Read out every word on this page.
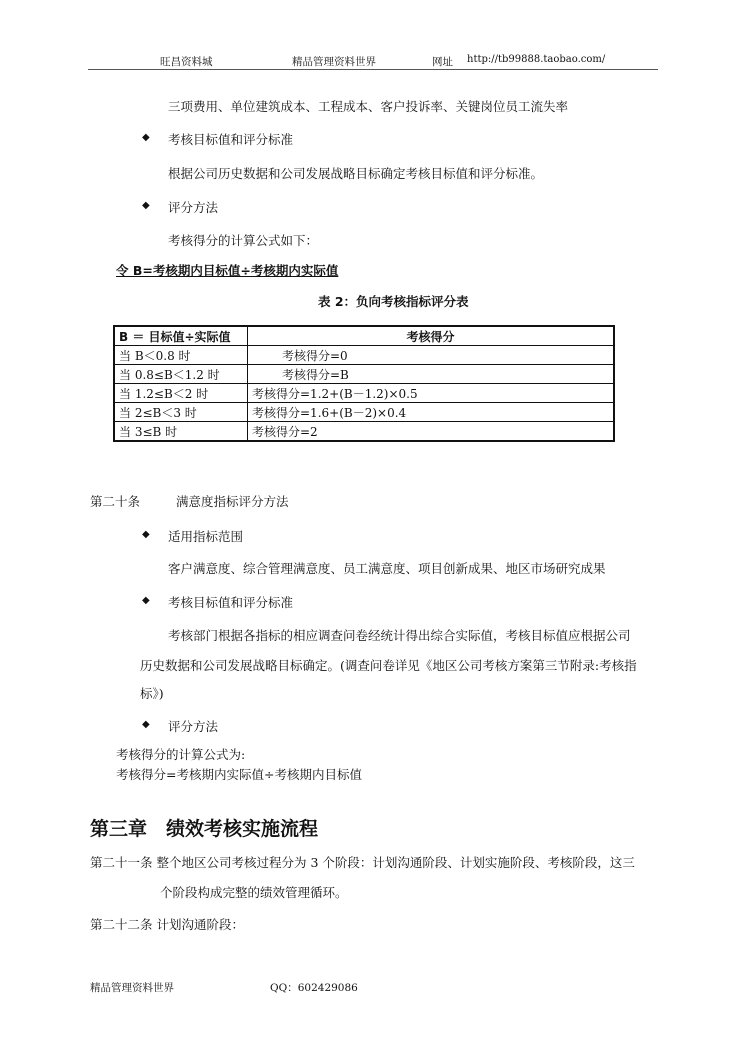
旺昌资料城	精品管理资料世界	网址 http://tb99888.taobao.com/
三项费用、单位建筑成本、工程成本、客户投诉率、关键岗位员工流失率
◆ 考核目标值和评分标准
根据公司历史数据和公司发展战略目标确定考核目标值和评分标准。
◆ 评分方法
考核得分的计算公式如下：
令 B=考核期内目标值÷考核期内实际值
表 2：负向考核指标评分表
B ＝ 目标值÷实际值	考核得分
当 B＜0.8 时	考核得分=0
当 0.8≤B＜1.2 时	考核得分=B
当 1.2≤B＜2 时	考核得分=1.2+(B－1.2)×0.5
当 2≤B＜3 时	考核得分=1.6+(B－2)×0.4
当 3≤B 时	考核得分=2
第二十条	满意度指标评分方法
◆ 适用指标范围
客户满意度、综合管理满意度、员工满意度、项目创新成果、地区市场研究成果
◆ 考核目标值和评分标准
考核部门根据各指标的相应调查问卷经统计得出综合实际值，考核目标值应根据公司
历史数据和公司发展战略目标确定。(调查问卷详见《地区公司考核方案第三节附录:考核指
标》)
◆ 评分方法
考核得分的计算公式为:
考核得分=考核期内实际值÷考核期内目标值
第三章　绩效考核实施流程
第二十一条 整个地区公司考核过程分为 3 个阶段：计划沟通阶段、计划实施阶段、考核阶段，这三
个阶段构成完整的绩效管理循环。
第二十二条 计划沟通阶段：
精品管理资料世界	QQ：602429086
